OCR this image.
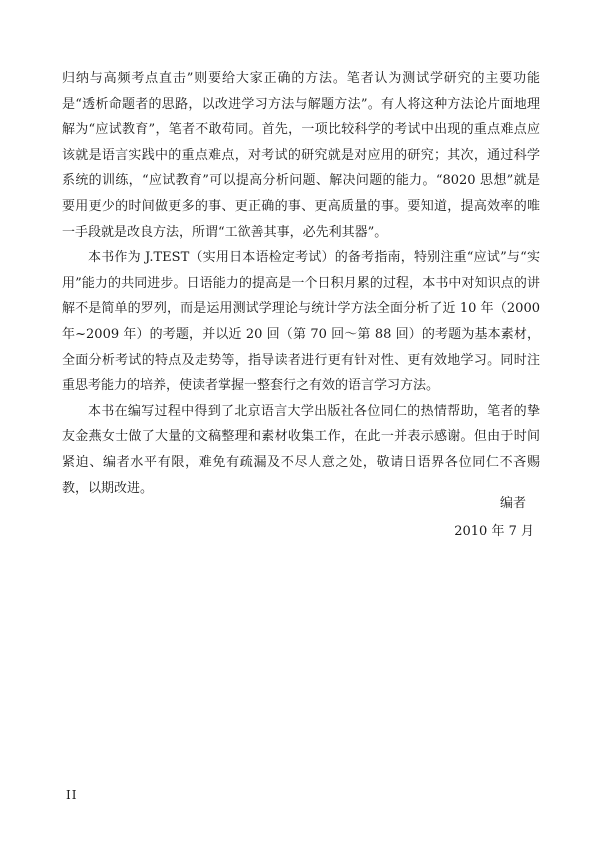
归纳与高频考点直击”则要给大家正确的方法。笔者认为测试学研究的主要功能是“透析命题者的思路，以改进学习方法与解题方法”。有人将这种方法论片面地理解为“应试教育”，笔者不敢苟同。首先，一项比较科学的考试中出现的重点难点应该就是语言实践中的重点难点，对考试的研究就是对应用的研究；其次，通过科学系统的训练，“应试教育”可以提高分析问题、解决问题的能力。“8020 思想”就是要用更少的时间做更多的事、更正确的事、更高质量的事。要知道，提高效率的唯一手段就是改良方法，所谓“工欲善其事，必先利其器”。

本书作为 J.TEST（实用日本语检定考试）的备考指南，特别注重“应试”与“实用”能力的共同进步。日语能力的提高是一个日积月累的过程，本书中对知识点的讲解不是简单的罗列，而是运用测试学理论与统计学方法全面分析了近 10 年（2000 年~2009 年）的考题，并以近 20 回（第 70 回～第 88 回）的考题为基本素材，全面分析考试的特点及走势等，指导读者进行更有针对性、更有效地学习。同时注重思考能力的培养，使读者掌握一整套行之有效的语言学习方法。

本书在编写过程中得到了北京语言大学出版社各位同仁的热情帮助，笔者的挚友金燕女士做了大量的文稿整理和素材收集工作，在此一并表示感谢。但由于时间紧迫、编者水平有限，难免有疏漏及不尽人意之处，敬请日语界各位同仁不吝赐教，以期改进。

编者
2010 年 7 月
II
